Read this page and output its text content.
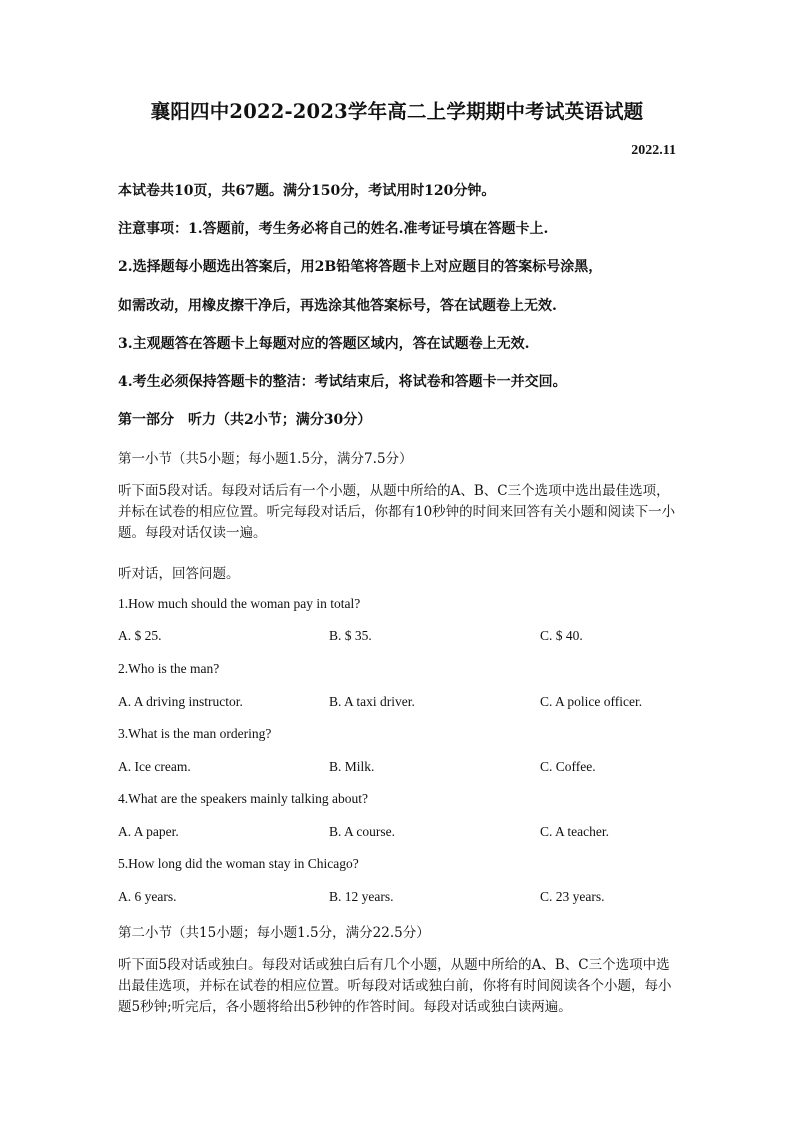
襄阳四中2022-2023学年高二上学期期中考试英语试题
2022.11
本试卷共10页，共67题。满分150分，考试用时120分钟。
注意事项：1.答题前，考生务必将自己的姓名.准考证号填在答题卡上.
2.选择题每小题选出答案后，用2B铅笔将答题卡上对应题目的答案标号涂黑，
如需改动，用橡皮擦干净后，再选涂其他答案标号，答在试题卷上无效.
3.主观题答在答题卡上每题对应的答题区域内，答在试题卷上无效.
4.考生必须保持答题卡的整洁：考试结束后，将试卷和答题卡一并交回。
第一部分　听力（共2小节；满分30分）
第一小节（共5小题；每小题1.5分，满分7.5分）
听下面5段对话。每段对话后有一个小题，从题中所给的A、B、C三个选项中选出最佳选项，并标在试卷的相应位置。听完每段对话后，你都有10秒钟的时间来回答有关小题和阅读下一小题。每段对话仅读一遍。
听对话，回答问题。
1.How much should the woman pay in total?
A. $ 25.	B. $ 35.	C. $ 40.
2.Who is the man?
A. A driving instructor.	B. A taxi driver.	C. A police officer.
3.What is the man ordering?
A. Ice cream.	B. Milk.	C. Coffee.
4.What are the speakers mainly talking about?
A. A paper.	B. A course.	C. A teacher.
5.How long did the woman stay in Chicago?
A. 6 years.	B. 12 years.	C. 23 years.
第二小节（共15小题；每小题1.5分，满分22.5分）
听下面5段对话或独白。每段对话或独白后有几个小题，从题中所给的A、B、C三个选项中选出最佳选项，并标在试卷的相应位置。听每段对话或独白前，你将有时间阅读各个小题，每小题5秒钟;听完后，各小题将给出5秒钟的作答时间。每段对话或独白读两遍。
